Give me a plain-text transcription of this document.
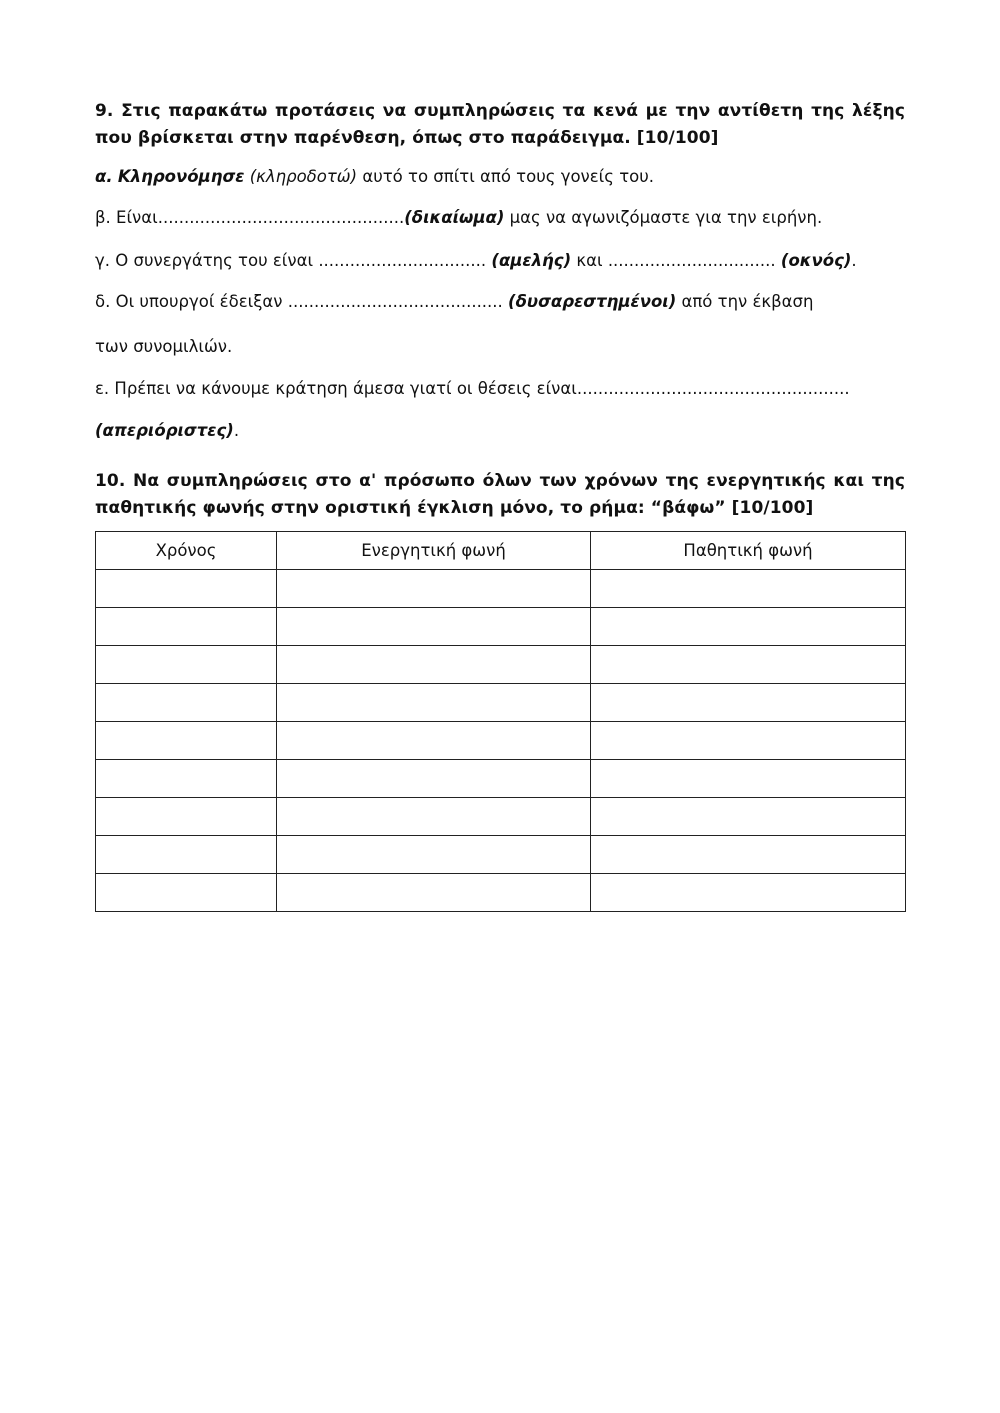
9. Στις παρακάτω προτάσεις να συμπληρώσεις τα κενά με την αντίθετη της λέξης που βρίσκεται στην παρένθεση, όπως στο παράδειγμα. [10/100]
α. Κληρονόμησε (κληροδοτώ) αυτό το σπίτι από τους γονείς του.
β. Είναι...............................................(δικαίωμα) μας να αγωνιζόμαστε για την ειρήνη.
γ. Ο συνεργάτης του είναι ................................ (αμελής) και ................................ (οκνός).
δ. Οι υπουργοί έδειξαν ......................................... (δυσαρεστημένοι) από την έκβαση
των συνομιλιών.
ε. Πρέπει να κάνουμε κράτηση άμεσα γιατί οι θέσεις είναι....................................................
(απεριόριστες).
10. Να συμπληρώσεις στο α' πρόσωπο όλων των χρόνων της ενεργητικής και της παθητικής φωνής στην οριστική έγκλιση μόνο, το ρήμα: “βάφω” [10/100]
Χρόνος	Ενεργητική φωνή	Παθητική φωνή
